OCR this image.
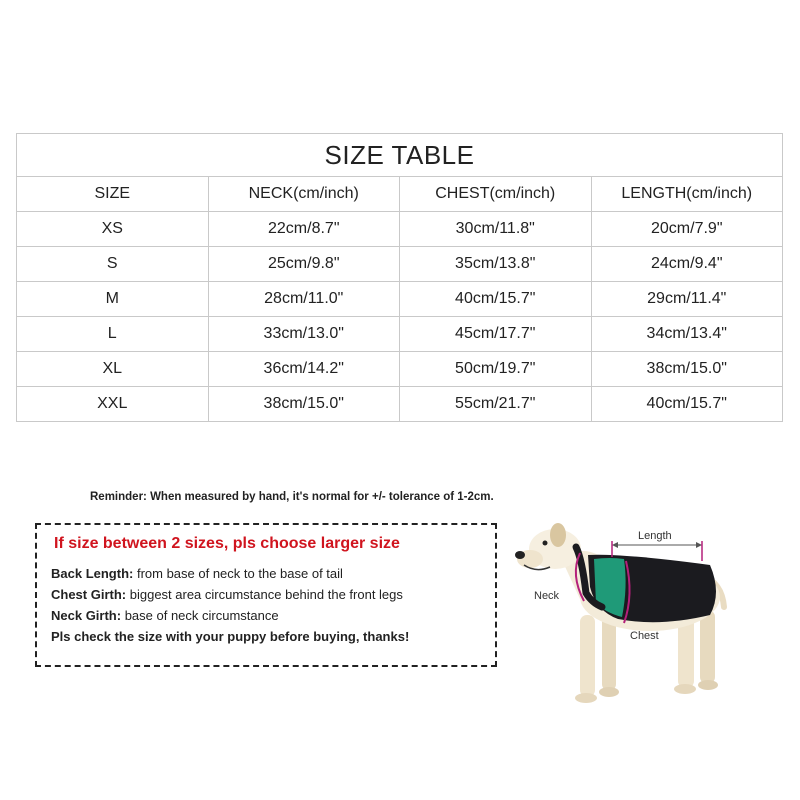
SIZE TABLE			
SIZE	NECK(cm/inch)	CHEST(cm/inch)	LENGTH(cm/inch)
XS	22cm/8.7"	30cm/11.8"	20cm/7.9"
S	25cm/9.8"	35cm/13.8"	24cm/9.4"
M	28cm/11.0"	40cm/15.7"	29cm/11.4"
L	33cm/13.0"	45cm/17.7"	34cm/13.4"
XL	36cm/14.2"	50cm/19.7"	38cm/15.0"
XXL	38cm/15.0"	55cm/21.7"	40cm/15.7"
Reminder: When measured by hand, it's normal for +/- tolerance of 1-2cm.
If size between 2 sizes, pls choose larger size
Back Length: from base of neck to the base of tail
Chest Girth: biggest area circumstance behind the front legs
Neck Girth: base of neck circumstance
Pls check the size with your puppy before buying, thanks!
Length
Neck
Chest
